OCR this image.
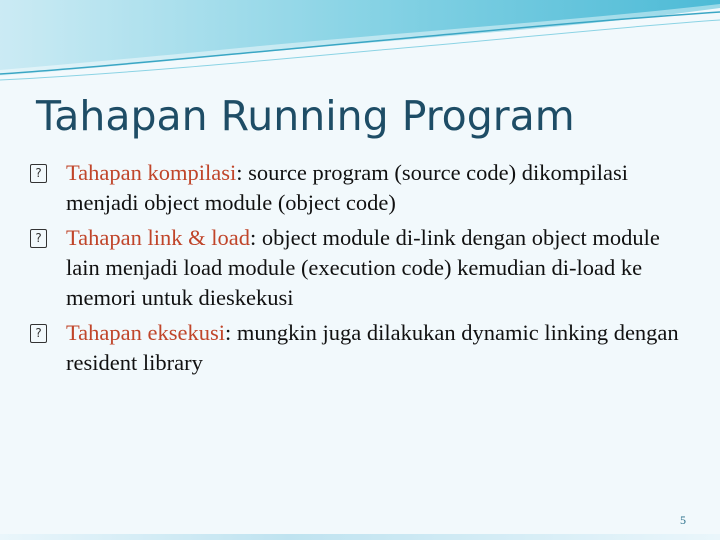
Tahapan Running Program
? Tahapan kompilasi: source program (source code) dikompilasi menjadi object module (object code)
? Tahapan link & load: object module di-link dengan object module lain menjadi load module (execution code) kemudian di-load ke memori untuk dieskekusi
? Tahapan eksekusi: mungkin juga dilakukan dynamic linking dengan resident library
5
